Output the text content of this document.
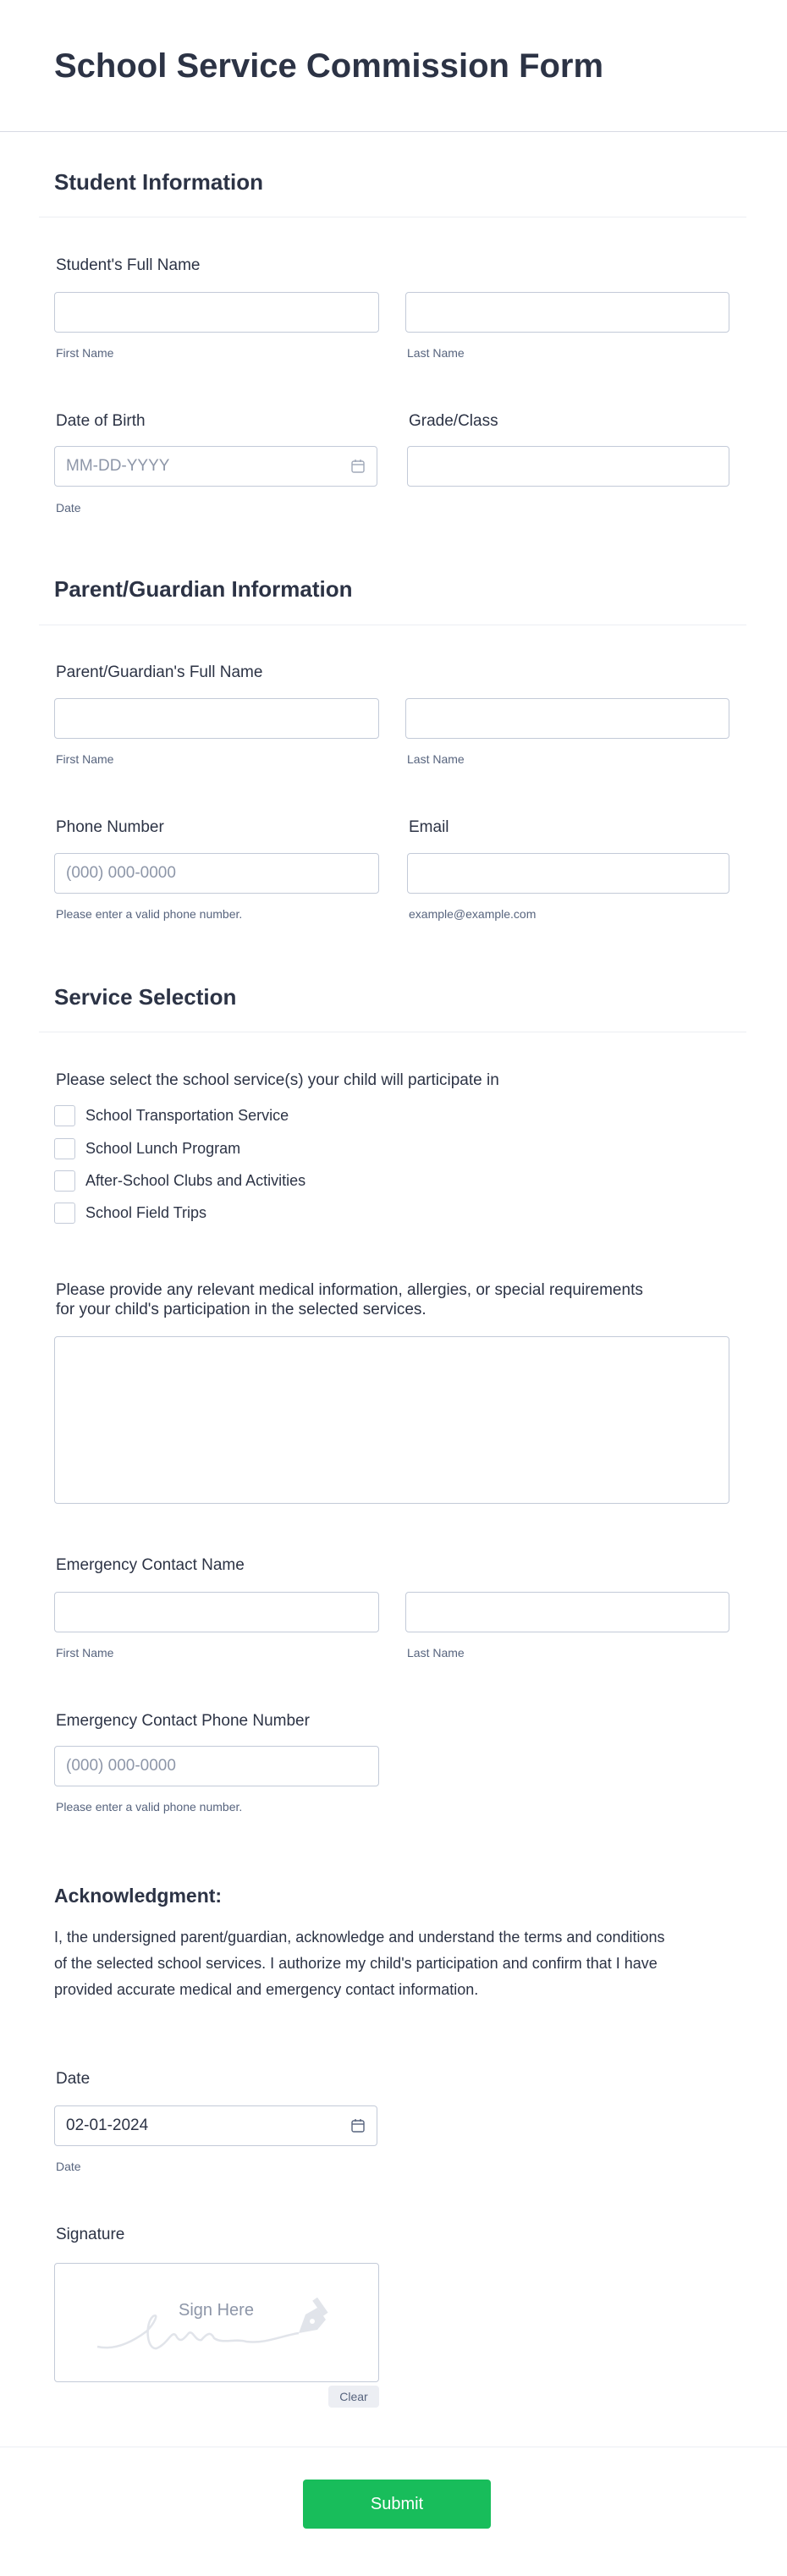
School Service Commission Form
Student Information
Student's Full Name
First Name	Last Name
Date of Birth	Grade/Class
MM-DD-YYYY
Date
Parent/Guardian Information
Parent/Guardian's Full Name
First Name	Last Name
Phone Number	Email
(000) 000-0000
Please enter a valid phone number.	example@example.com
Service Selection
Please select the school service(s) your child will participate in
School Transportation Service
School Lunch Program
After-School Clubs and Activities
School Field Trips
Please provide any relevant medical information, allergies, or special requirements
for your child's participation in the selected services.
Emergency Contact Name
First Name	Last Name
Emergency Contact Phone Number
(000) 000-0000
Please enter a valid phone number.
Acknowledgment:
I, the undersigned parent/guardian, acknowledge and understand the terms and conditions
of the selected school services. I authorize my child's participation and confirm that I have
provided accurate medical and emergency contact information.
Date
02-01-2024
Date
Signature
Sign Here
Clear
Submit
